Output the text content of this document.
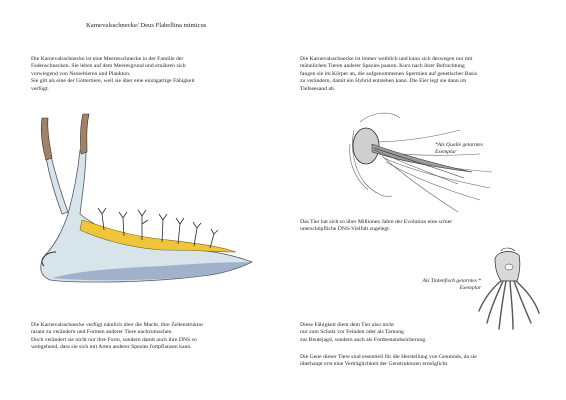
Karnevalsschnecke/ Deus Flabellina mimicus

Die Karnevalsschnecke ist eine Meeresschnecke in der Familie der
Fadenschnecken. Sie leben auf dem Meeresgrund und ernähren sich
vorwiegend von Nesseltieren und Plankton.
Sie gilt als eine der Göttertiere, weil sie über eine einzigartige Fähigkeit
verfügt.

Die Karnevalsschnecke verfügt nämlich über die Macht, ihre Zellenstruktur
rasant zu verändern und Formen anderer Tiere nachzumachen.
Doch verändert sie nicht nur ihre Form, sondern damit auch ihre DNS so
weitgehend, dass sie sich mit Arten anderer Spezies fortpflanzen kann.

Die Karnevalsschnecke ist immer weiblich und kann sich deswegen nur mit
männlichen Tieren anderer Spezies paaren. Kurz nach ihrer Befruchtung
fangen sie im Körper an, die aufgenommenen Spermien auf genetischer Basis
zu verändern, damit ein Hybrid entstehen kann. Die Eier legt sie dann im
Tiefseesand ab.

*Als Qualle getarntes
Exemplar

Das Tier hat sich so über Millionen Jahre der Evolution eine schier
unerschöpfliche DNS-Vielfalt zugelegt.

Als Tintenfisch getarntes *
Exemplar

Diese Fähigkeit dient dem Tier also nicht
nur zum Schutz vor Feinden oder als Tarnung
zur Beutejagd, sondern auch als Fortbestandssicherung.

Die Gene dieser Tiere sind essentiell für die Herstellung von Genmods, da sie
überhaupt erst eine Verträglichkeit der Genstrukturen ermöglicht.
